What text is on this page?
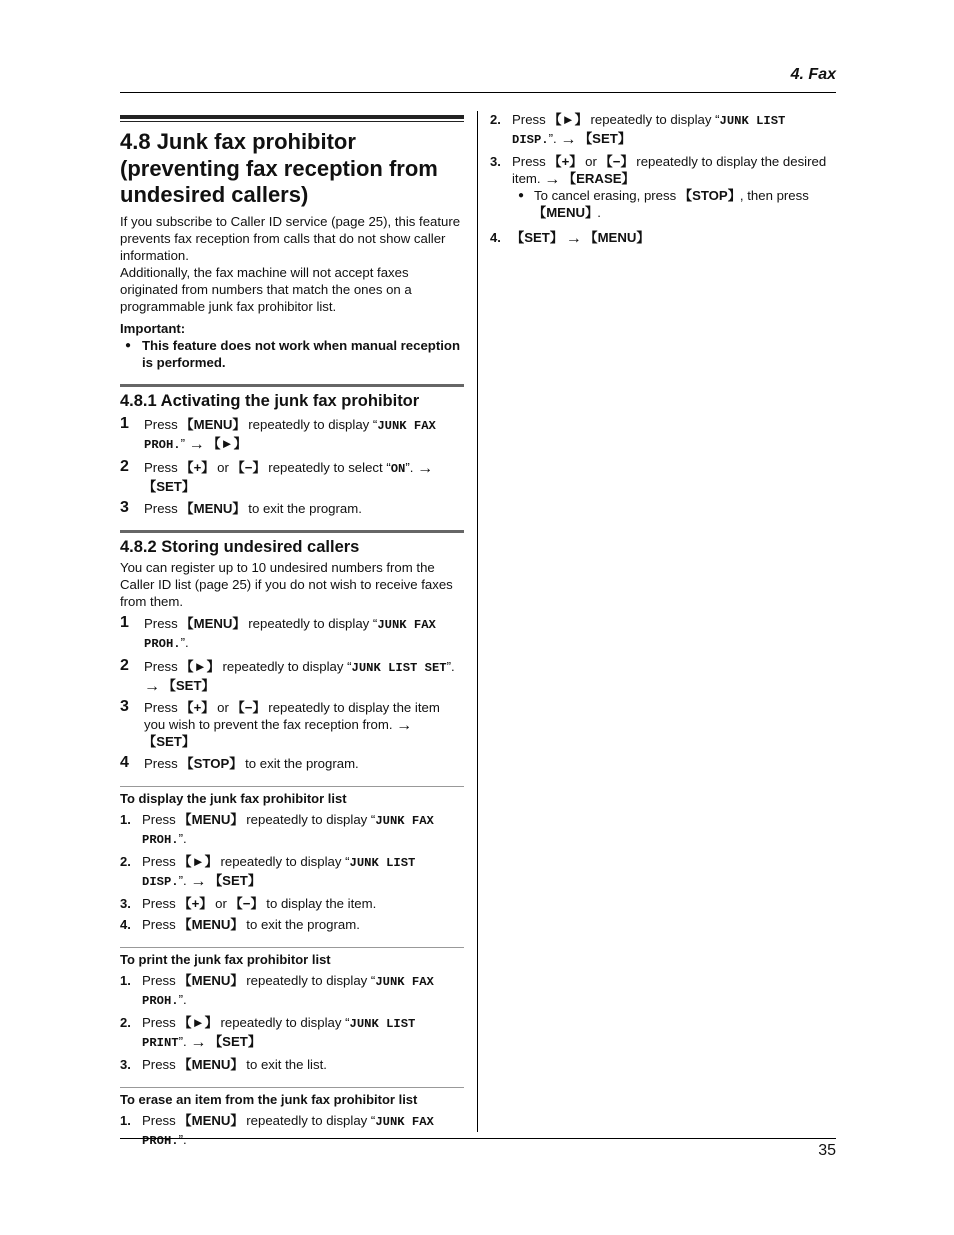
4. Fax
4.8 Junk fax prohibitor
(preventing fax reception from
undesired callers)

If you subscribe to Caller ID service (page 25), this feature prevents fax reception from calls that do not show caller information.

Additionally, the fax machine will not accept faxes originated from numbers that match the ones on a programmable junk fax prohibitor list.

Important:

● This feature does not work when manual reception is performed.
4.8.1 Activating the junk fax prohibitor
1 Press 【 MENU 】 repeatedly to display “JUNK FAX PROH.” → 【 ► 】
2 Press 【 + 】 or 【 − 】 repeatedly to select “ON”. → 【 SET 】
3 Press 【 MENU 】 to exit the program.
4.8.2 Storing undesired callers

You can register up to 10 undesired numbers from the Caller ID list (page 25) if you do not wish to receive faxes from them.

1 Press 【 MENU 】 repeatedly to display “JUNK FAX PROH.”.
2 Press 【 ► 】 repeatedly to display “JUNK LIST SET”. → 【 SET 】
3 Press 【 + 】 or 【 − 】 repeatedly to display the item you wish to prevent the fax reception from. → 【 SET 】
4 Press 【 STOP 】 to exit the program.
To display the junk fax prohibitor list
1. Press 【 MENU 】 repeatedly to display “JUNK FAX PROH.”.
2. Press 【 ► 】 repeatedly to display “JUNK LIST DISP.”. → 【 SET 】
3. Press 【 + 】 or 【 − 】 to display the item.
4. Press 【 MENU 】 to exit the program.
To print the junk fax prohibitor list
1. Press 【 MENU 】 repeatedly to display “JUNK FAX PROH.”.
2. Press 【 ► 】 repeatedly to display “JUNK LIST PRINT”. → 【 SET 】
3. Press 【 MENU 】 to exit the list.
To erase an item from the junk fax prohibitor list
1. Press 【 MENU 】 repeatedly to display “JUNK FAX PROH.”.
2. Press 【 ► 】 repeatedly to display “JUNK LIST DISP.”. → 【 SET 】
3. Press 【 + 】 or 【 − 】 repeatedly to display the desired item. → 【 ERASE 】
● To cancel erasing, press 【 STOP 】 , then press 【 MENU 】 .
4. 【 SET 】 → 【 MENU 】
35
